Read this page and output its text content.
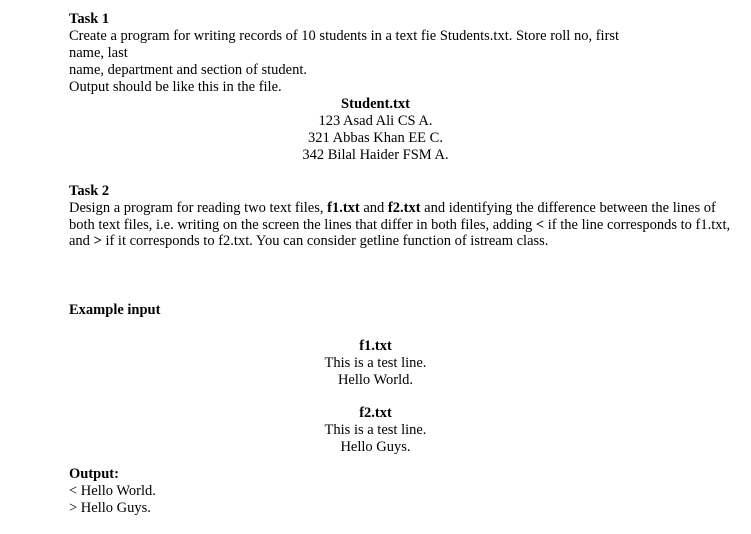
Task 1
Create a program for writing records of 10 students in a text fie Students.txt. Store roll no, first
name, last
name, department and section of student.
Output should be like this in the file.
Student.txt
123 Asad Ali CS A.
321 Abbas Khan EE C.
342 Bilal Haider FSM A.
Task 2
Design a program for reading two text files, f1.txt and f2.txt and identifying the difference between the lines of both text files, i.e. writing on the screen the lines that differ in both files, adding < if the line corresponds to f1.txt, and > if it corresponds to f2.txt. You can consider getline function of istream class.
Example input
f1.txt
This is a test line.
Hello World.
f2.txt
This is a test line.
Hello Guys.
Output:
< Hello World.
> Hello Guys.
